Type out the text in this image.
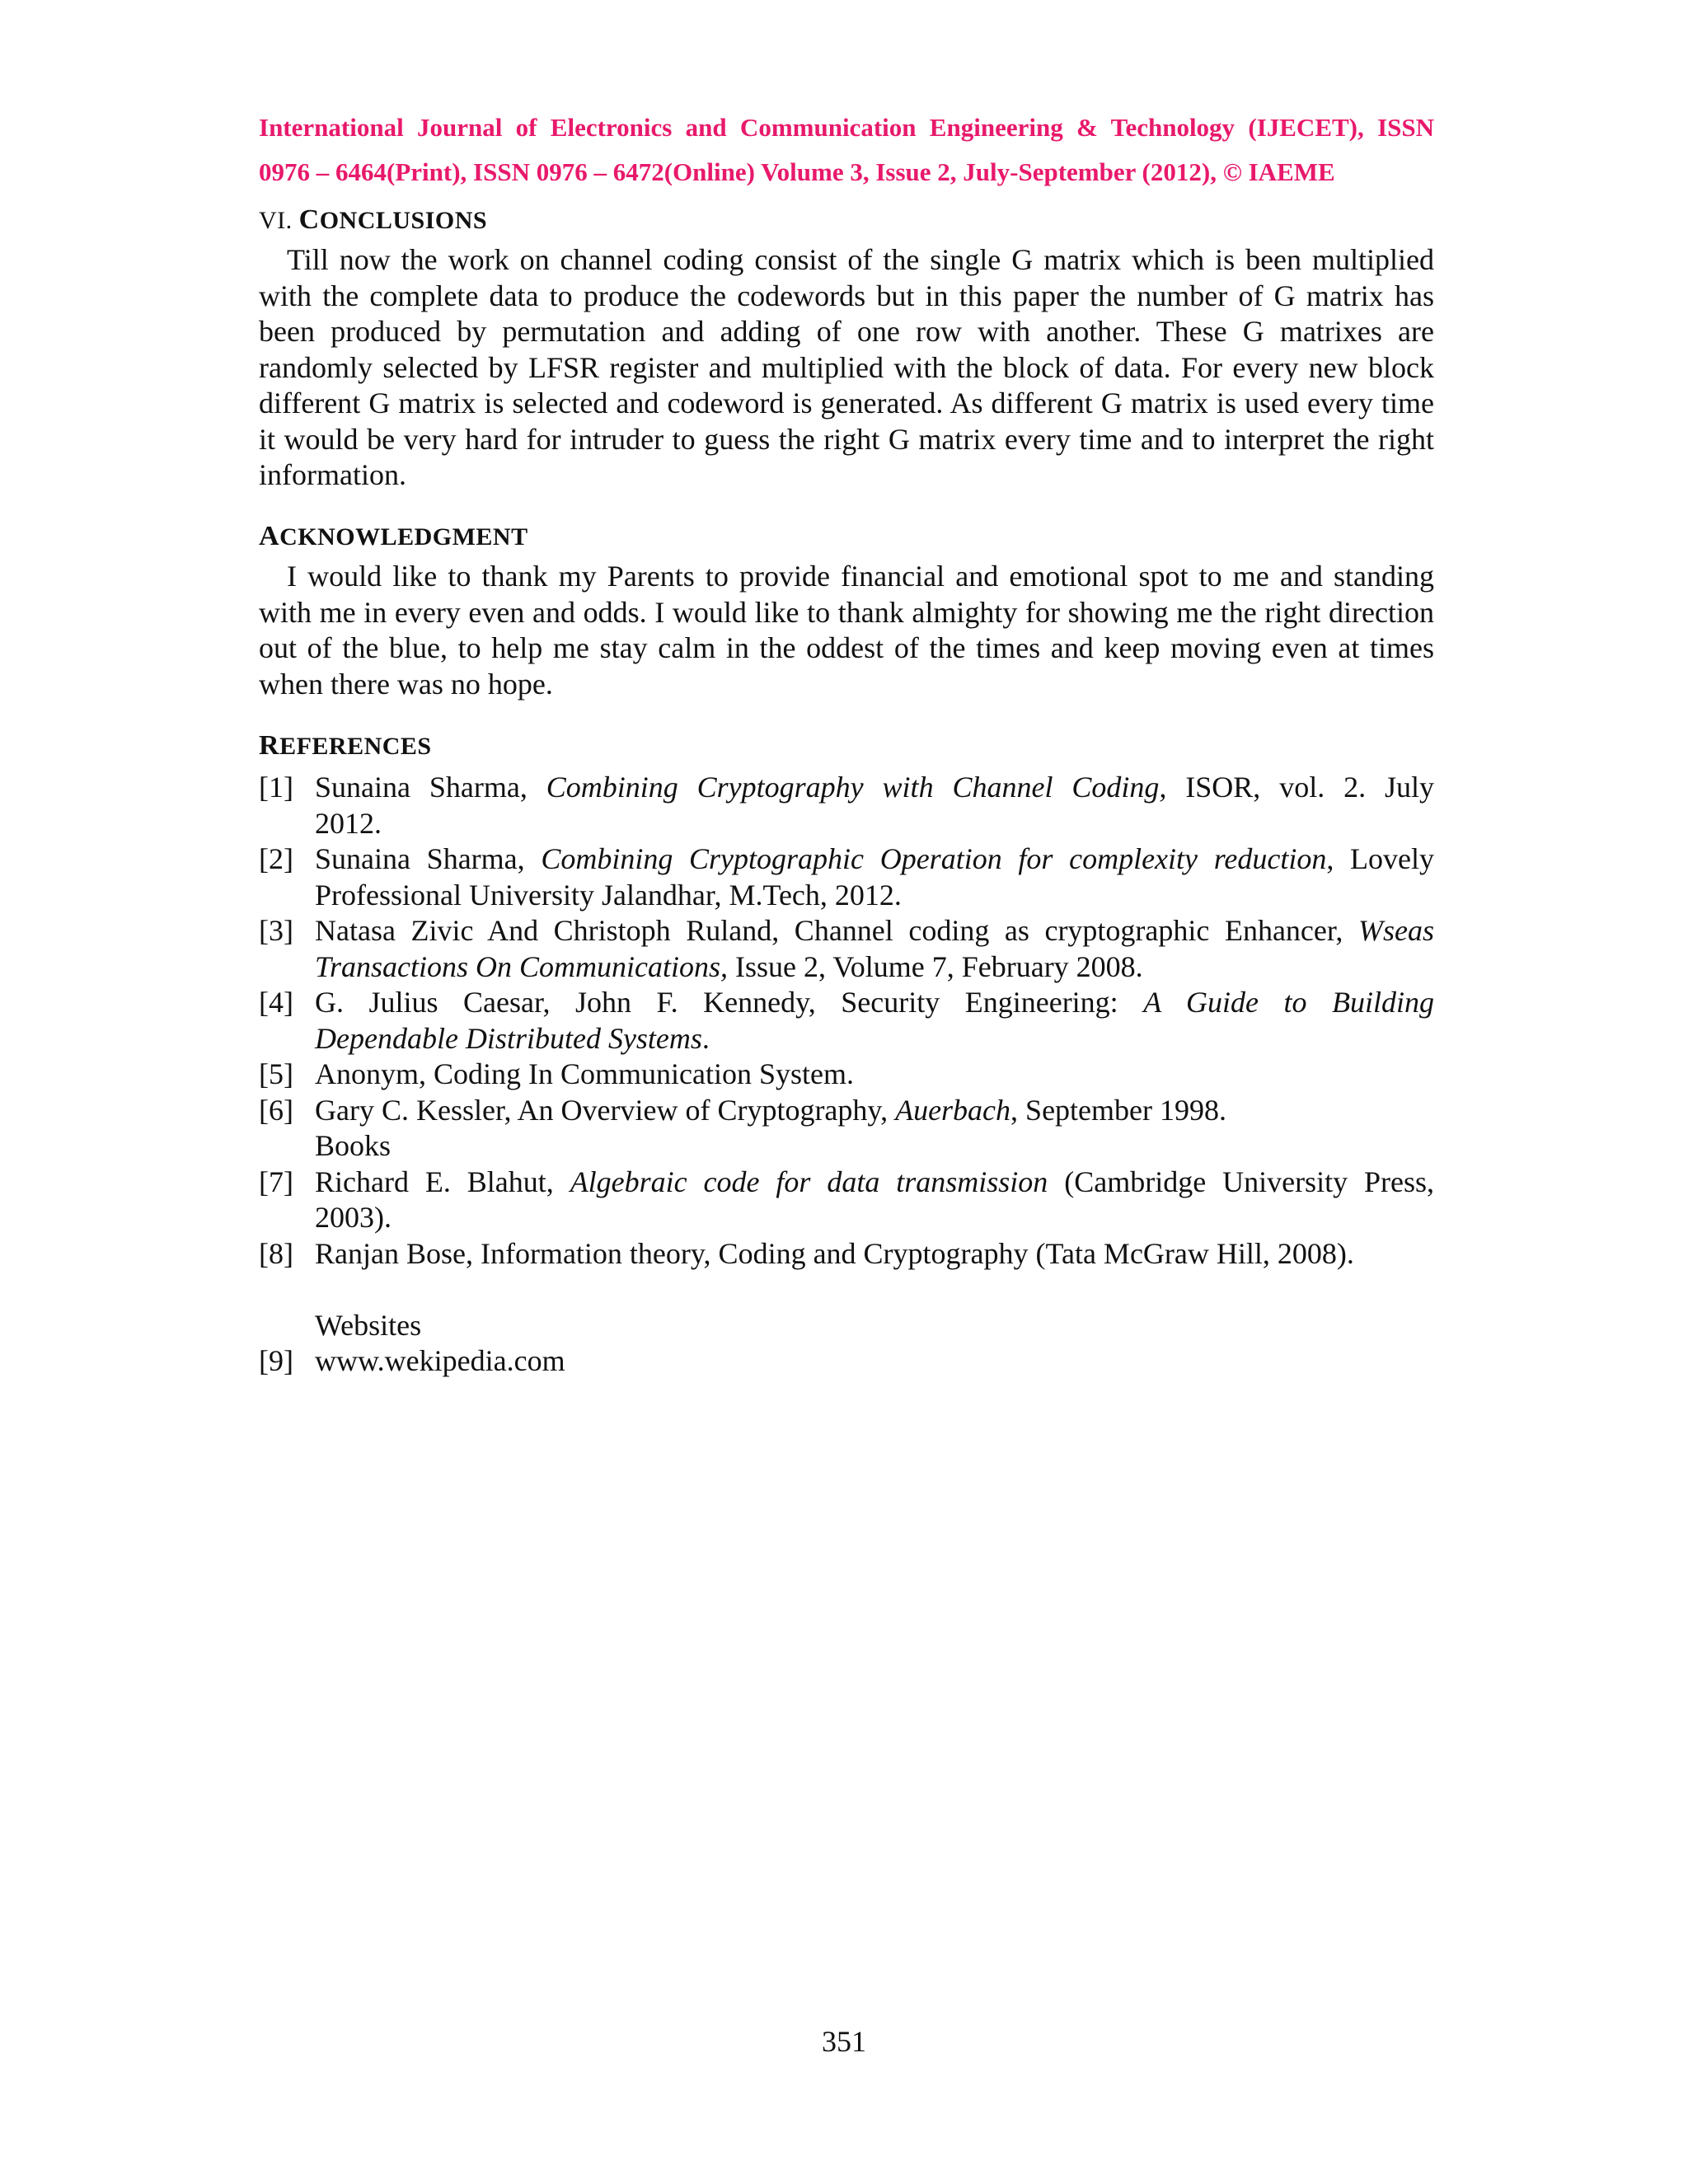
International Journal of Electronics and Communication Engineering & Technology (IJECET), ISSN
0976 – 6464(Print), ISSN 0976 – 6472(Online) Volume 3, Issue 2, July-September (2012), © IAEME
VI. CONCLUSIONS

Till now the work on channel coding consist of the single G matrix which is been multiplied with the complete data to produce the codewords but in this paper the number of G matrix has been produced by permutation and adding of one row with another. These G matrixes are randomly selected by LFSR register and multiplied with the block of data. For every new block different G matrix is selected and codeword is generated. As different G matrix is used every time it would be very hard for intruder to guess the right G matrix every time and to interpret the right information.

ACKNOWLEDGMENT

I would like to thank my Parents to provide financial and emotional spot to me and standing with me in every even and odds. I would like to thank almighty for showing me the right direction out of the blue, to help me stay calm in the oddest of the times and keep moving even at times when there was no hope.

REFERENCES
[1] Sunaina Sharma, Combining Cryptography with Channel Coding, ISOR, vol. 2. July
2012.
[2] Sunaina Sharma, Combining Cryptographic Operation for complexity reduction, Lovely
Professional University Jalandhar, M.Tech, 2012.
[3] Natasa Zivic And Christoph Ruland, Channel coding as cryptographic Enhancer, Wseas
Transactions On Communications, Issue 2, Volume 7, February 2008.
[4] G. Julius Caesar, John F. Kennedy, Security Engineering: A Guide to Building
Dependable Distributed Systems.
[5] Anonym, Coding In Communication System.
[6] Gary C. Kessler, An Overview of Cryptography, Auerbach, September 1998.
Books
[7] Richard E. Blahut, Algebraic code for data transmission (Cambridge University Press,
2003).
[8] Ranjan Bose, Information theory, Coding and Cryptography (Tata McGraw Hill, 2008).
Websites
[9] www.wekipedia.com
351
